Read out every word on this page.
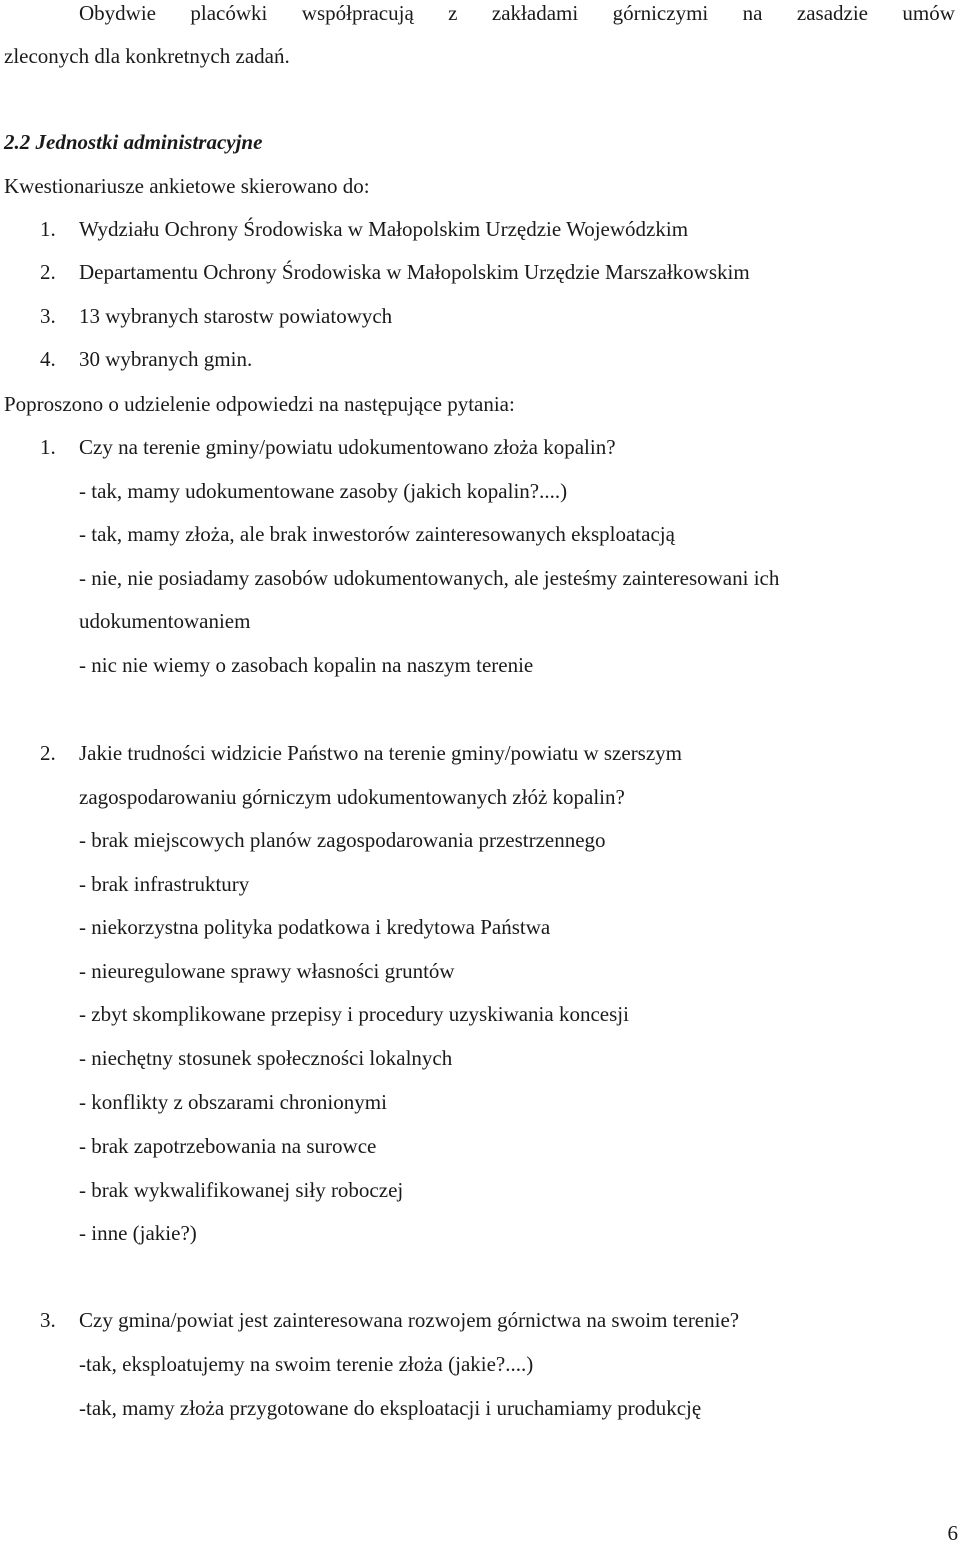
Obydwie placówki współpracują z zakładami górniczymi na zasadzie umów
zleconych dla konkretnych zadań.
2.2 Jednostki administracyjne
Kwestionariusze ankietowe skierowano do:
1. Wydziału Ochrony Środowiska w Małopolskim Urzędzie Wojewódzkim
2. Departamentu Ochrony Środowiska w Małopolskim Urzędzie Marszałkowskim
3. 13 wybranych starostw powiatowych
4. 30 wybranych gmin.
Poproszono o udzielenie odpowiedzi na następujące pytania:
1. Czy na terenie gminy/powiatu udokumentowano złoża kopalin?
- tak, mamy udokumentowane zasoby (jakich kopalin?....)
- tak, mamy złoża, ale brak inwestorów zainteresowanych eksploatacją
- nie, nie posiadamy zasobów udokumentowanych, ale jesteśmy zainteresowani ich
udokumentowaniem
- nic nie wiemy o zasobach kopalin na naszym terenie
2. Jakie trudności widzicie Państwo na terenie gminy/powiatu w szerszym
zagospodarowaniu górniczym udokumentowanych złóż kopalin?
- brak miejscowych planów zagospodarowania przestrzennego
- brak infrastruktury
- niekorzystna polityka podatkowa i kredytowa Państwa
- nieuregulowane sprawy własności gruntów
- zbyt skomplikowane przepisy i procedury uzyskiwania koncesji
- niechętny stosunek społeczności lokalnych
- konflikty z obszarami chronionymi
- brak zapotrzebowania na surowce
- brak wykwalifikowanej siły roboczej
- inne (jakie?)
3. Czy gmina/powiat jest zainteresowana rozwojem górnictwa na swoim terenie?
-tak, eksploatujemy na swoim terenie złoża (jakie?....)
-tak, mamy złoża przygotowane do eksploatacji i uruchamiamy produkcję
6
